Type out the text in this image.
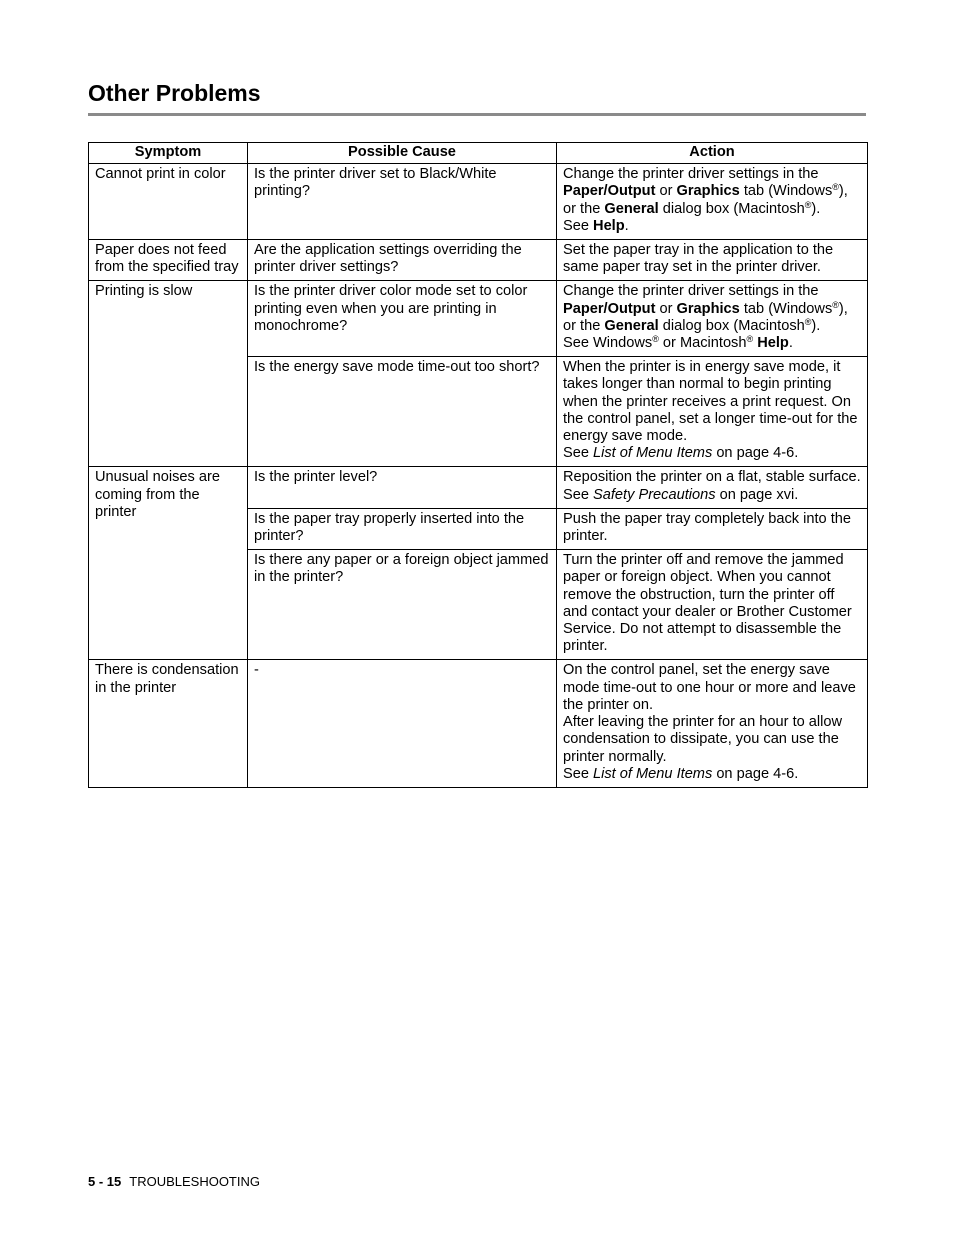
Other Problems
Symptom	Possible Cause	Action
Cannot print in color	Is the printer driver set to Black/White printing?	Change the printer driver settings in the Paper/Output or Graphics tab (Windows®), or the General dialog box (Macintosh®).
See Help.

Paper does not feed from the specified tray	Are the application settings overriding the printer driver settings?	Set the paper tray in the application to the same paper tray set in the printer driver.
Printing is slow	Is the printer driver color mode set to color printing even when you are printing in monochrome?	Change the printer driver settings in the Paper/Output or Graphics tab (Windows®), or the General dialog box (Macintosh®).
See Windows® or Macintosh® Help.

	Is the energy save mode time-out too short?	When the printer is in energy save mode, it takes longer than normal to begin printing when the printer receives a print request. On the control panel, set a longer time-out for the energy save mode.
See List of Menu Items on page 4-6.

Unusual noises are coming from the printer	Is the printer level?	Reposition the printer on a flat, stable surface.
See Safety Precautions on page xvi.

	Is the paper tray properly inserted into the printer?	Push the paper tray completely back into the printer.
	Is there any paper or a foreign object jammed in the printer?	Turn the printer off and remove the jammed paper or foreign object. When you cannot remove the obstruction, turn the printer off and contact your dealer or Brother Customer Service. Do not attempt to disassemble the printer.
There is condensation in the printer	-	On the control panel, set the energy save mode time-out to one hour or more and leave the printer on.
After leaving the printer for an hour to allow condensation to dissipate, you can use the printer normally.
See List of Menu Items on page 4-6.
5 - 15 TROUBLESHOOTING
